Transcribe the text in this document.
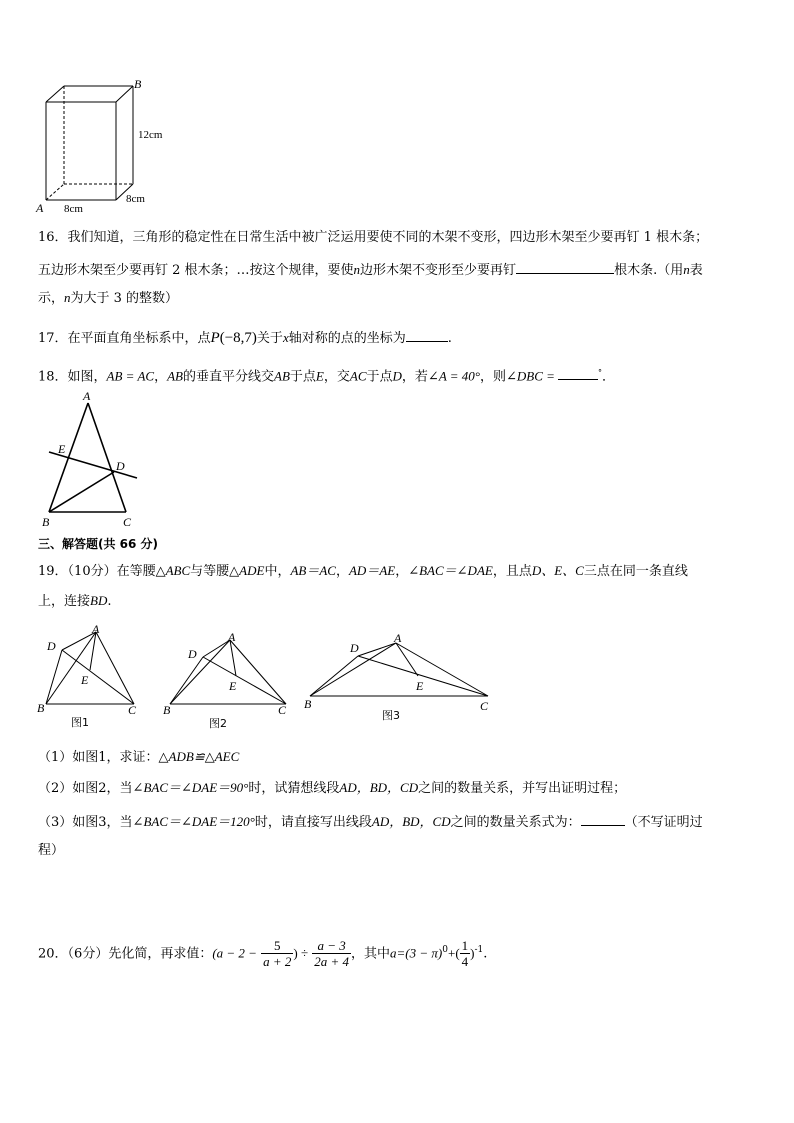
B
A
12cm
8cm
8cm
16．我们知道，三角形的稳定性在日常生活中被广泛运用要使不同的木架不变形，四边形木架至少要再钉 1 根木条；
五边形木架至少要再钉 2 根木条；…按这个规律，要使n边形木架不变形至少要再钉	根木条.（用n表
示，n为大于 3 的整数）
17．在平面直角坐标系中，点P(−8,7)关于x轴对称的点的坐标为	.
18．如图，AB = AC，AB的垂直平分线交AB于点E，交AC于点D，若∠A = 40°，则∠DBC =	°．
A
E
D
B	C
三、解答题(共 66 分)
19．（10分）在等腰△ABC与等腰△ADE中，AB＝AC，AD＝AE，∠BAC＝∠DAE，且点D、E、C三点在同一条直线
上，连接BD.
A
D
E
B	C
图1
A
D
E
B	C
图2
A
D
E
B	C
图3
（1）如图1，求证：△ADB≌△AEC
（2）如图2，当∠BAC＝∠DAE＝90°时，试猜想线段AD，BD，CD之间的数量关系，并写出证明过程；
（3）如图3，当∠BAC＝∠DAE＝120°时，请直接写出线段AD，BD，CD之间的数量关系式为：	（不写证明过
程）
20．（6分）先化简，再求值：($a - 2 - \frac{5}{a + 2}$ ) ÷ $\frac{a - 3}{2a + 4}$ ，其中$a=(3 - \pi)^0+( \frac{1}{4} )^{-1}$.
